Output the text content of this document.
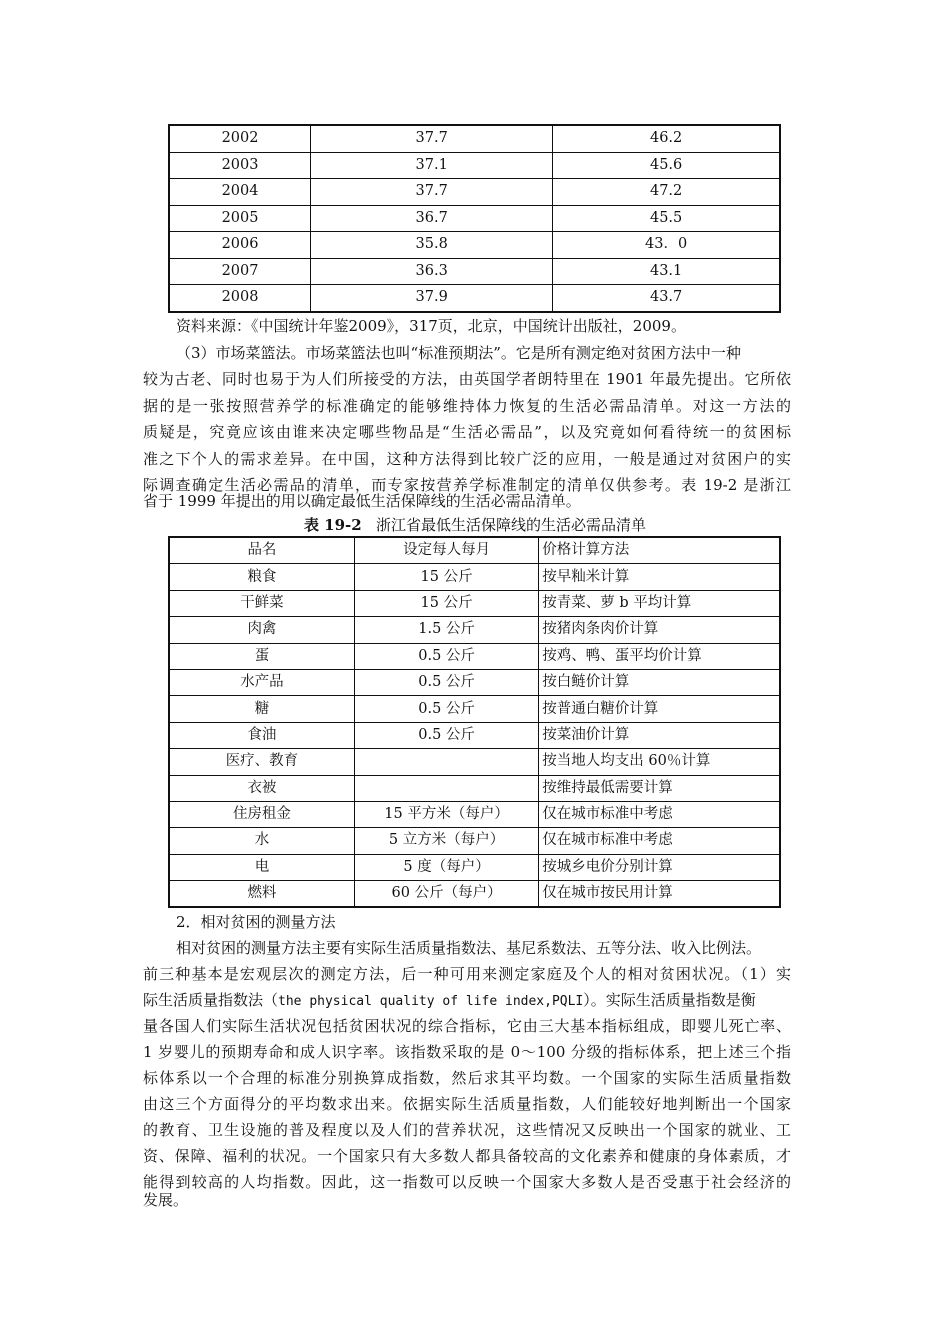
2002	37.7	46.2
2003	37.1	45.6
2004	37.7	47.2
2005	36.7	45.5
2006	35.8	43．0
2007	36.3	43.1
2008	37.9	43.7
资料来源：《中国统计年鉴2009》，317页，北京，中国统计出版社，2009。
（3）市场菜篮法。市场菜篮法也叫“标准预期法”。它是所有测定绝对贫困方法中一种
较为古老、同时也易于为人们所接受的方法，由英国学者朗特里在 1901 年最先提出。它所依
据的是一张按照营养学的标准确定的能够维持体力恢复的生活必需品清单。对这一方法的
质疑是，究竟应该由谁来决定哪些物品是“生活必需品”，以及究竟如何看待统一的贫困标
准之下个人的需求差异。在中国，这种方法得到比较广泛的应用，一般是通过对贫困户的实
际调查确定生活必需品的清单，而专家按营养学标准制定的清单仅供参考。表 19-2 是浙江
省于 1999 年提出的用以确定最低生活保障线的生活必需品清单。
表 19-2 浙江省最低生活保障线的生活必需品清单
品名	设定每人每月	价格计算方法
粮食	15 公斤	按早籼米计算
干鲜菜	15 公斤	按青菜、萝 b 平均计算
肉禽	1.5 公斤	按猪肉条肉价计算
蛋	0.5 公斤	按鸡、鸭、蛋平均价计算
水产品	0.5 公斤	按白鲢价计算
糖	0.5 公斤	按普通白糖价计算
食油	0.5 公斤	按菜油价计算
医疗、教育		按当地人均支出 60％计算
衣被		按维持最低需要计算
住房租金	15 平方米（每户）	仅在城市标准中考虑
水	5 立方米（每户）	仅在城市标准中考虑
电	5 度（每户）	按城乡电价分别计算
燃料	60 公斤（每户）	仅在城市按民用计算
2．相对贫困的测量方法
相对贫困的测量方法主要有实际生活质量指数法、基尼系数法、五等分法、收入比例法。
前三种基本是宏观层次的测定方法，后一种可用来测定家庭及个人的相对贫困状况。（1）实
际生活质量指数法（the physical quality of life index,PQLI）。实际生活质量指数是衡
量各国人们实际生活状况包括贫困状况的综合指标，它由三大基本指标组成，即婴儿死亡率、
1 岁婴儿的预期寿命和成人识字率。该指数采取的是 0～100 分级的指标体系，把上述三个指
标体系以一个合理的标准分别换算成指数，然后求其平均数。一个国家的实际生活质量指数
由这三个方面得分的平均数求出来。依据实际生活质量指数，人们能较好地判断出一个国家
的教育、卫生设施的普及程度以及人们的营养状况，这些情况又反映出一个国家的就业、工
资、保障、福利的状况。一个国家只有大多数人都具备较高的文化素养和健康的身体素质，才
能得到较高的人均指数。因此，这一指数可以反映一个国家大多数人是否受惠于社会经济的
发展。
